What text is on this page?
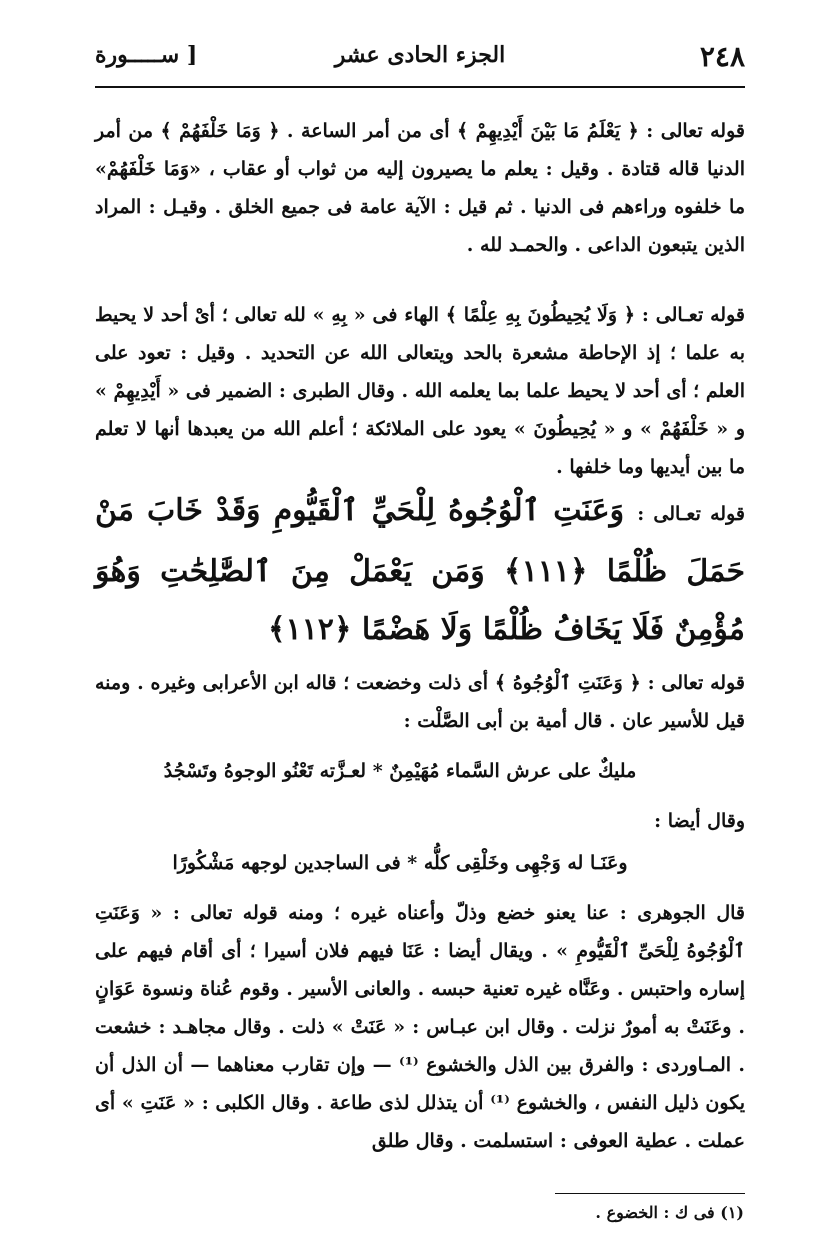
٢٤٨
الجزء الحادى عشر
[ ســـــورة
قوله تعالى : ﴿ يَعْلَمُ مَا بَيْنَ أَيْدِيهِمْ ﴾ أى من أمر الساعة . ﴿ وَمَا خَلْفَهُمْ ﴾ من أمر الدنيا قاله قتادة . وقيل : يعلم ما يصيرون إليه من ثواب أو عقاب ، «وَمَا خَلْفَهُمْ» ما خلفوه وراءهم فى الدنيا . ثم قيل : الآية عامة فى جميع الخلق . وقيـل : المراد الذين يتبعون الداعى . والحمـد لله .
قوله تعـالى : ﴿ وَلَا يُحِيطُونَ بِهِ عِلْمًا ﴾ الهاء فى « بِهِ » لله تعالى ؛ أىْ أحد لا يحيط به علما ؛ إذ الإحاطة مشعرة بالحد ويتعالى الله عن التحديد . وقيل : تعود على العلم ؛ أى أحد لا يحيط علما بما يعلمه الله . وقال الطبرى : الضمير فى « أَيْدِيهِمْ » و « خَلْفَهُمْ » و « يُحِيطُونَ » يعود على الملائكة ؛ أعلم الله من يعبدها أنها لا تعلم ما بين أيديها وما خلفها .
قوله تعـالى : وَعَنَتِ ٱلْوُجُوهُ لِلْحَيِّ ٱلْقَيُّومِ وَقَدْ خَابَ مَنْ حَمَلَ ظُلْمًا ﴿١١١﴾ وَمَن يَعْمَلْ مِنَ ٱلصَّٰلِحَٰتِ وَهُوَ مُؤْمِنٌ فَلَا يَخَافُ ظُلْمًا وَلَا هَضْمًا ﴿١١٢﴾
قوله تعالى : ﴿ وَعَنَتِ ٱلْوُجُوهُ ﴾ أى ذلت وخضعت ؛ قاله ابن الأعرابى وغيره . ومنه قيل للأسير عان . قال أمية بن أبى الصَّلْت :
مليكٌ على عرش السَّماء مُهَيْمِنٌ * لعـزَّته تَعْنُو الوجوهُ وتَسْجُدُ
وقال أيضا :
وعَنَـا له وَجْهِى وخَلْقِى كلُّه * فى الساجدين لوجهه مَشْكُورًا
قال الجوهرى : عنا يعنو خضع وذلّ وأعناه غيره ؛ ومنه قوله تعالى : « وَعَنَتِ ٱلْوُجُوهُ لِلْحَىِّ ٱلْقَيُّومِ » . ويقال أيضا : عَنَا فيهم فلان أسيرا ؛ أى أقام فيهم على إساره واحتبس . وعَنَّاه غيره تعنية حبسه . والعانى الأسير . وقوم عُناة ونسوة عَوَانٍ . وعَنَتْ به أمورٌ نزلت . وقال ابن عبـاس : « عَنَتْ » ذلت . وقال مجاهـد : خشعت . المـاوردى : والفرق بين الذل والخشوع ⁽¹⁾ — وإن تقارب معناهما — أن الذل أن يكون ذليل النفس ، والخشوع ⁽¹⁾ أن يتذلل لذى طاعة . وقال الكلبى : « عَنَتِ » أى عملت . عطية العوفى : استسلمت . وقال طلق
(١) فى ك : الخضوع .
